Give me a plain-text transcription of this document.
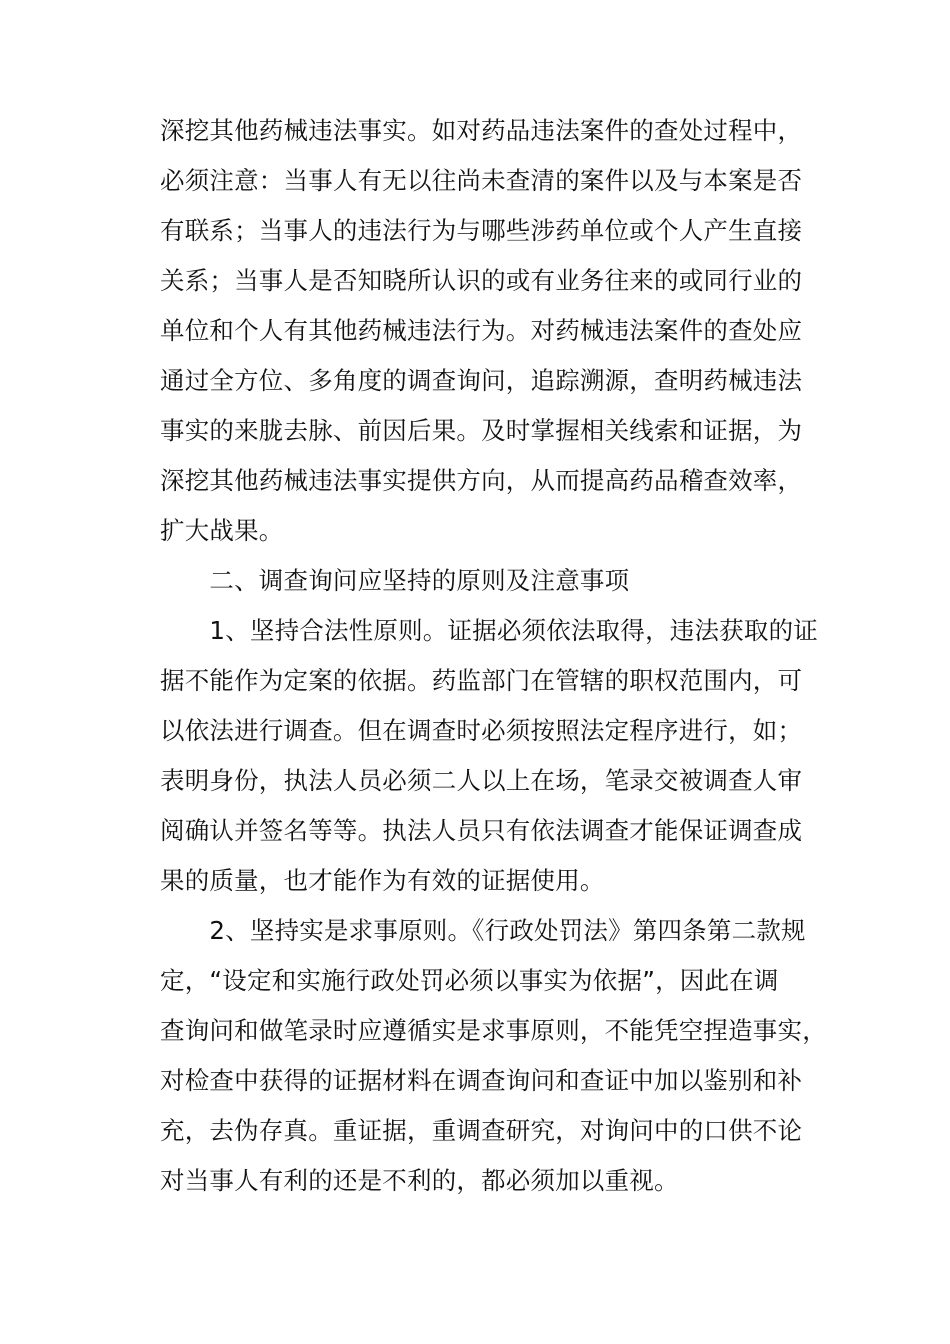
深挖其他药械违法事实。如对药品违法案件的查处过程中，
必须注意：当事人有无以往尚未查清的案件以及与本案是否
有联系；当事人的违法行为与哪些涉药单位或个人产生直接
关系；当事人是否知晓所认识的或有业务往来的或同行业的
单位和个人有其他药械违法行为。对药械违法案件的查处应
通过全方位、多角度的调查询问，追踪溯源，查明药械违法
事实的来胧去脉、前因后果。及时掌握相关线索和证据，为
深挖其他药械违法事实提供方向，从而提高药品稽查效率，
扩大战果。
　　二、调查询问应坚持的原则及注意事项
　　1、坚持合法性原则。证据必须依法取得，违法获取的证
据不能作为定案的依据。药监部门在管辖的职权范围内，可
以依法进行调查。但在调查时必须按照法定程序进行，如；
表明身份，执法人员必须二人以上在场，笔录交被调查人审
阅确认并签名等等。执法人员只有依法调查才能保证调查成
果的质量，也才能作为有效的证据使用。
　　2、坚持实是求事原则。《行政处罚法》第四条第二款规
定，“设定和实施行政处罚必须以事实为依据”，因此在调
查询问和做笔录时应遵循实是求事原则，不能凭空捏造事实，
对检查中获得的证据材料在调查询问和查证中加以鉴别和补
充，去伪存真。重证据，重调查研究，对询问中的口供不论
对当事人有利的还是不利的，都必须加以重视。
